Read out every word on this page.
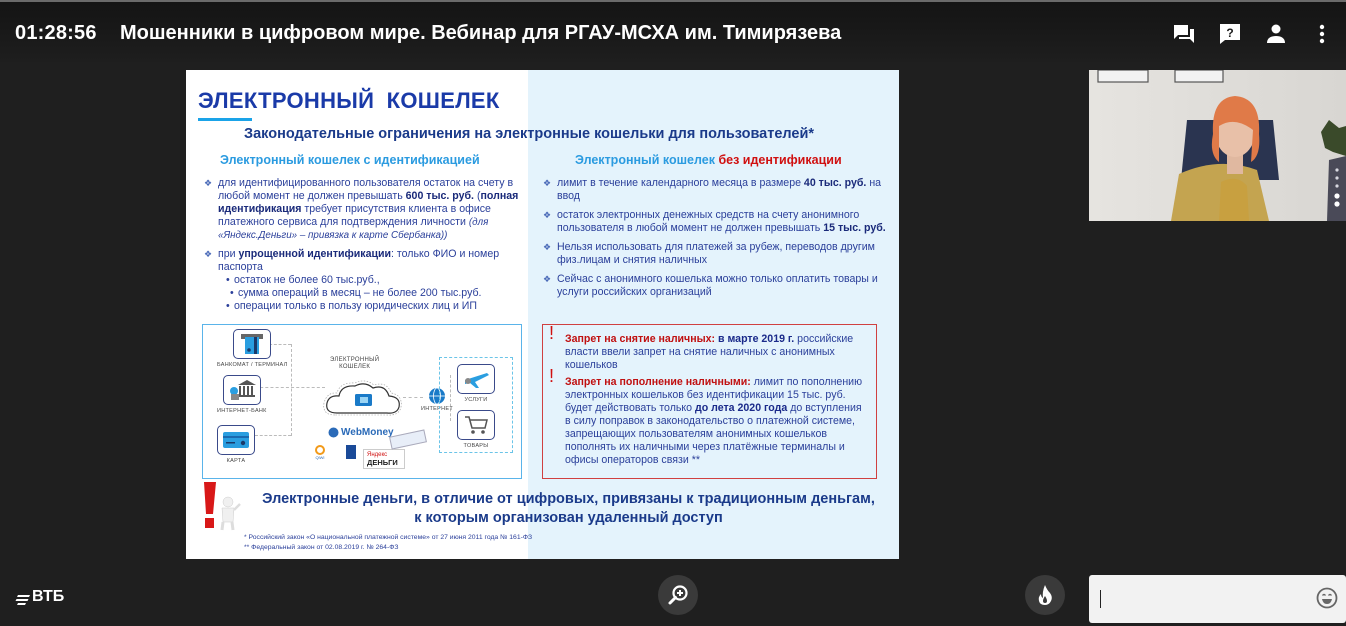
01:28:56 Мошенники в цифровом мире. Вебинар для РГАУ-МСХА им. Тимирязева	?
ЭЛЕКТРОННЫЙ КОШЕЛЕК
Законодательные ограничения на электронные кошельки для пользователей*
Электронный кошелек с идентификацией	Электронный кошелек без идентификации
❖ для идентифицированного пользователя остаток на счету в любой момент не должен превышать 600 тыс. руб. (полная идентификация требует присутствия клиента в офисе платежного сервиса для подтверждения личности (для «Яндекс.Деньги» – привязка к карте Сбербанка))
❖ при упрощенной идентификации: только ФИО и номер паспорта
• остаток не более 60 тыс.руб.,
• сумма операций в месяц – не более 200 тыс.руб.
• операции только в пользу юридических лиц и ИП
❖ лимит в течение календарного месяца в размере 40 тыс. руб. на ввод
❖ остаток электронных денежных средств на счету анонимного пользователя в любой момент не должен превышать 15 тыс. руб.
❖ Нельзя использовать для платежей за рубеж, переводов другим физ.лицам и снятия наличных
❖ Сейчас с анонимного кошелька можно только оплатить товары и услуги российских организаций
БАНКОМАТ / ТЕРМИНАЛ
ИНТЕРНЕТ-БАНК
КАРТА
ЭЛЕКТРОННЫЙ
КОШЕЛЕК
ИНТЕРНЕТ
УСЛУГИ
ТОВАРЫ
WebMoney
QIWI	Яндекс
ДЕНЬГИ
! Запрет на снятие наличных: в марте 2019 г. российские власти ввели запрет на снятие наличных с анонимных кошельков
! Запрет на пополнение наличными: лимит по пополнению электронных кошельков без идентификации 15 тыс. руб. будет действовать только до лета 2020 года до вступления в силу поправок в законодательство о платежной системе, запрещающих пользователям анонимных кошельков пополнять их наличными через платёжные терминалы и офисы операторов связи **
Электронные деньги, в отличие от цифровых, привязаны к традиционным деньгам,
к которым организован удаленный доступ
* Российский закон «О национальной платежной системе» от 27 июня 2011 года № 161-ФЗ
** Федеральный закон от 02.08.2019 г. № 264-ФЗ
ВТБ
